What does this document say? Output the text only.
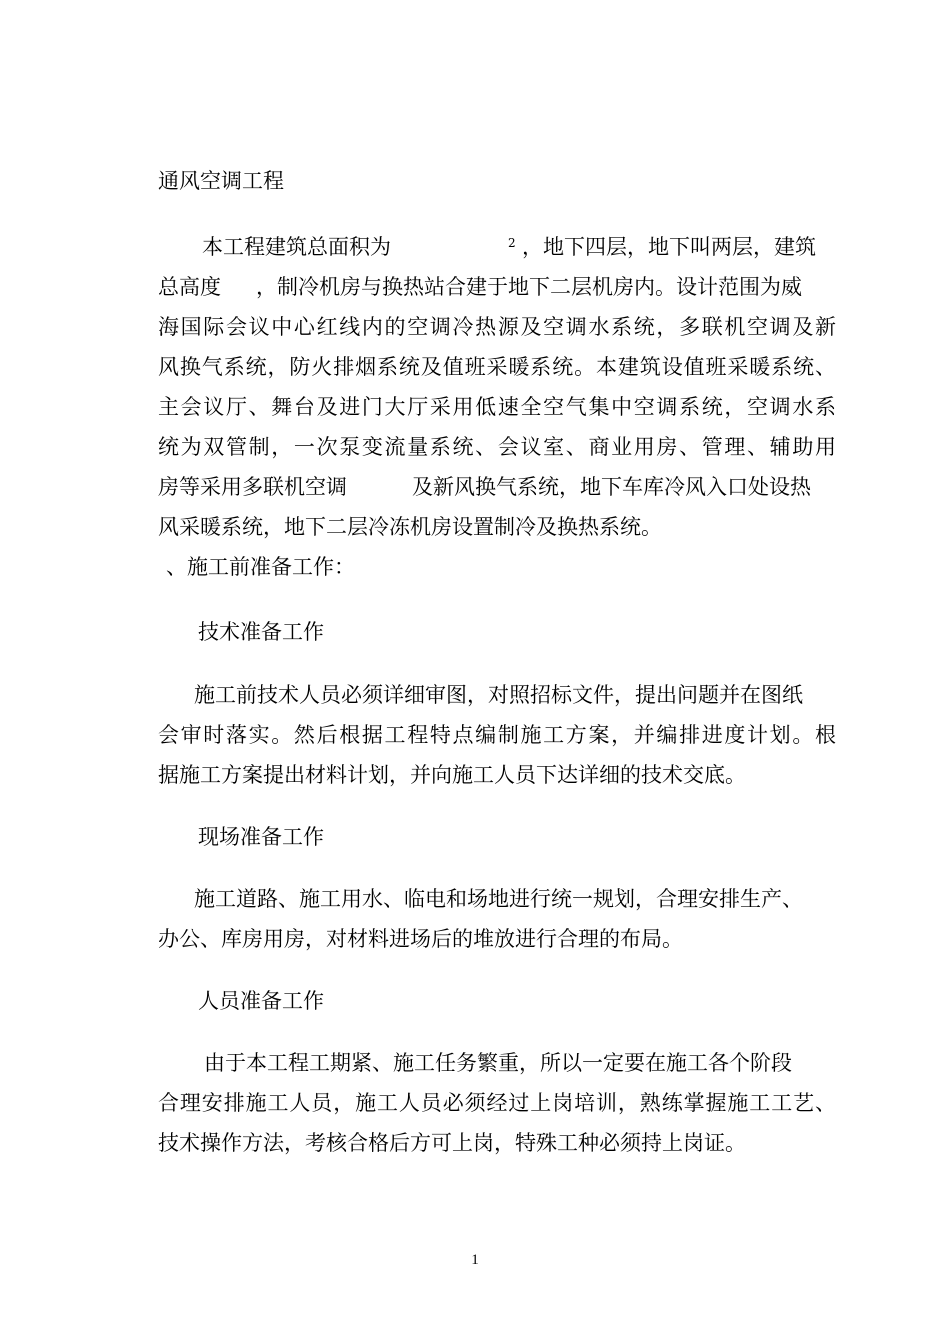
通风空调工程
本工程建筑总面积为	$^2$ ，地下四层，地下叫两层，建筑
总高度 ，制冷机房与换热站合建于地下二层机房内。设计范围为威
海国际会议中心红线内的空调冷热源及空调水系统，多联机空调及新
风换气系统，防火排烟系统及值班采暖系统。本建筑设值班采暖系统、
主会议厅、舞台及进门大厅采用低速全空气集中空调系统，空调水系
统为双管制，一次泵变流量系统、会议室、商业用房、管理、辅助用
房等采用多联机空调	及新风换气系统，地下车库冷风入口处设热
风采暖系统，地下二层冷冻机房设置制冷及换热系统。
、施工前准备工作：
技术准备工作
施工前技术人员必须详细审图，对照招标文件，提出问题并在图纸
会审时落实。然后根据工程特点编制施工方案，并编排进度计划。根
据施工方案提出材料计划，并向施工人员下达详细的技术交底。
现场准备工作
施工道路、施工用水、临电和场地进行统一规划，合理安排生产、
办公、库房用房，对材料进场后的堆放进行合理的布局。
人员准备工作
由于本工程工期紧、施工任务繁重，所以一定要在施工各个阶段
合理安排施工人员，施工人员必须经过上岗培训，熟练掌握施工工艺、
技术操作方法，考核合格后方可上岗，特殊工种必须持上岗证。
1
